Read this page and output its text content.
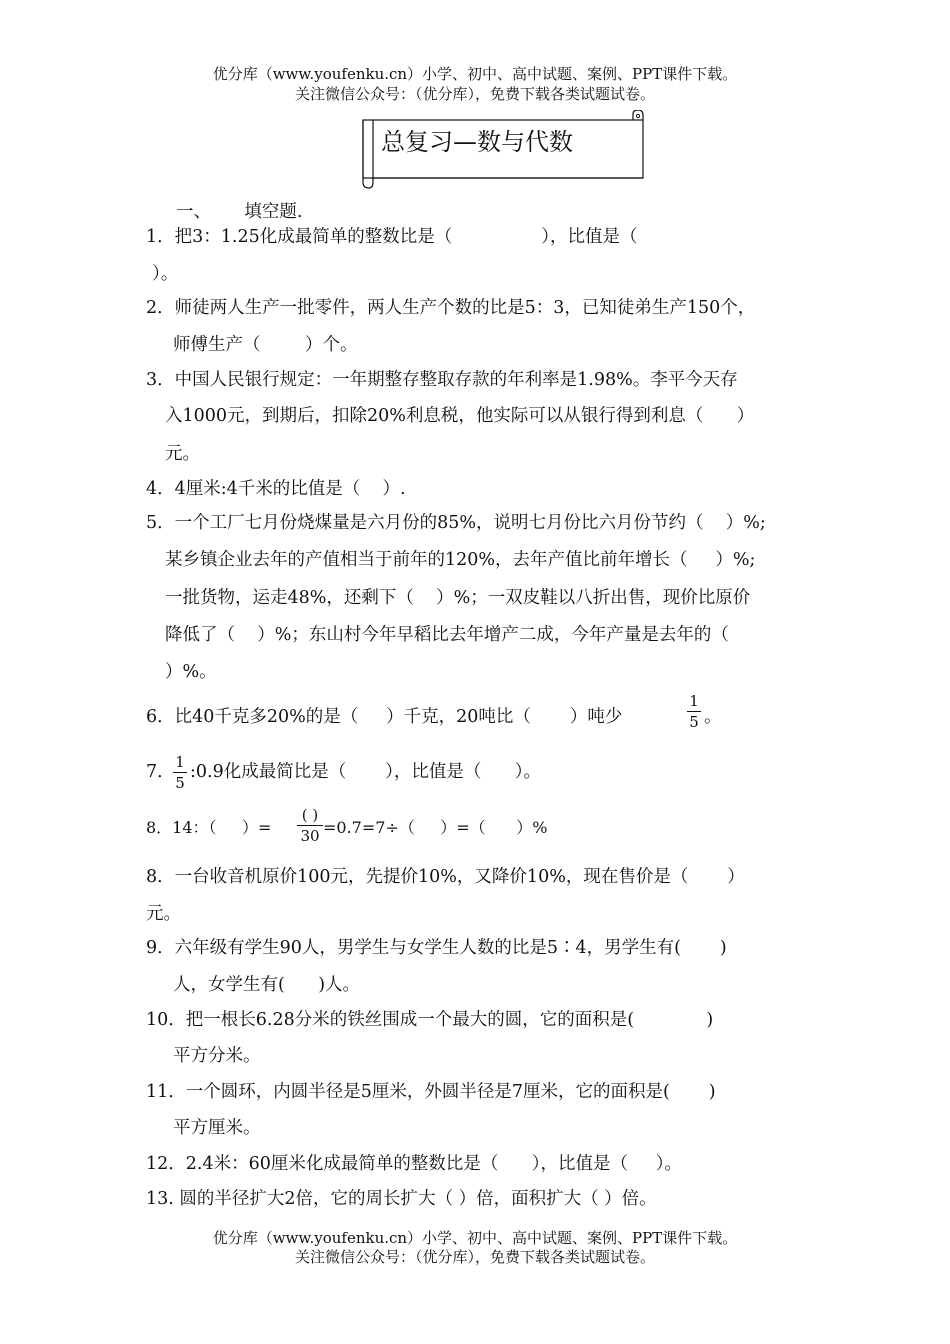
优分库（www.youfenku.cn）小学、初中、高中试题、案例、PPT课件下载。
关注微信公众号：（优分库），免费下载各类试题试卷。
总复习—数与代数
一、      填空题.
1．把3：1.25化成最简单的整数比是（                ），比值是（
）。
2．师徒两人生产一批零件，两人生产个数的比是5：3，已知徒弟生产150个，
师傅生产（        ）个。
3．中国人民银行规定：一年期整存整取存款的年利率是1.98%。李平今天存
入1000元，到期后，扣除20%利息税，他实际可以从银行得到利息（      ）
元。
4．4厘米:4千米的比值是（    ）.
5．一个工厂七月份烧煤量是六月份的85%，说明七月份比六月份节约（    ）%;
某乡镇企业去年的产值相当于前年的120%，去年产值比前年增长（     ）%;
一批货物，运走48%，还剩下（    ）%；一双皮鞋以八折出售，现价比原价
降低了（    ）%；东山村今年早稻比去年增产二成，今年产量是去年的（
）%。
6．比40千克多20%的是（     ）千克，20吨比（       ）吨少
1
5 。
7． 1
5
:0.9化成最简比是（       ），比值是（      ）。
8．14：（     ）=
( )
30 =0.7=7÷（     ）=（      ）%
8．一台收音机原价100元，先提价10%，又降价10%，现在售价是（       ）
元。
9．六年级有学生90人，男学生与女学生人数的比是5∶4，男学生有(       )
人，女学生有(      )人。
10．把一根长6.28分米的铁丝围成一个最大的圆，它的面积是(             )
平方分米。
11．一个圆环，内圆半径是5厘米，外圆半径是7厘米，它的面积是(       )
平方厘米。
12．2.4米：60厘米化成最简单的整数比是（      ），比值是（     ）。
13. 圆的半径扩大2倍，它的周长扩大（ ）倍，面积扩大（ ）倍。
优分库（www.youfenku.cn）小学、初中、高中试题、案例、PPT课件下载。
关注微信公众号：（优分库），免费下载各类试题试卷。
